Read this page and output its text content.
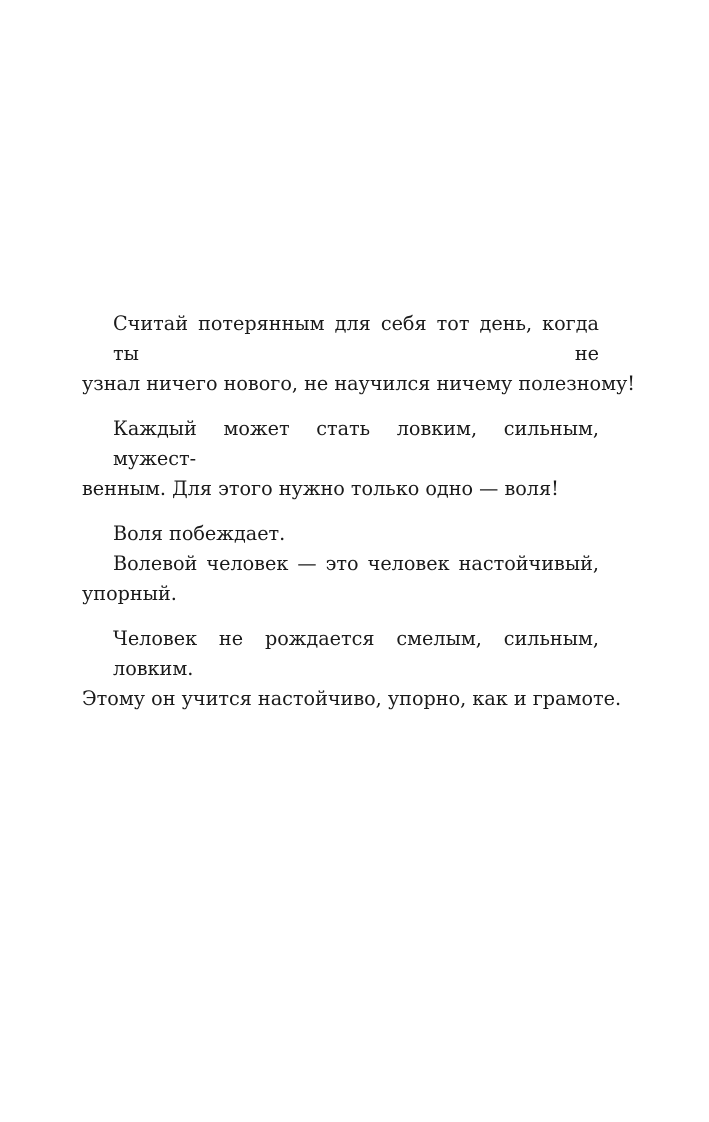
Считай потерянным для себя тот день, когда ты не
узнал ничего нового, не научился ничему полезному!

Каждый может стать ловким, сильным, мужест-
венным. Для этого нужно только одно — воля!

Воля побеждает.

Волевой человек — это человек настойчивый,
упорный.

Человек не рождается смелым, сильным, ловким.
Этому он учится настойчиво, упорно, как и грамоте.
